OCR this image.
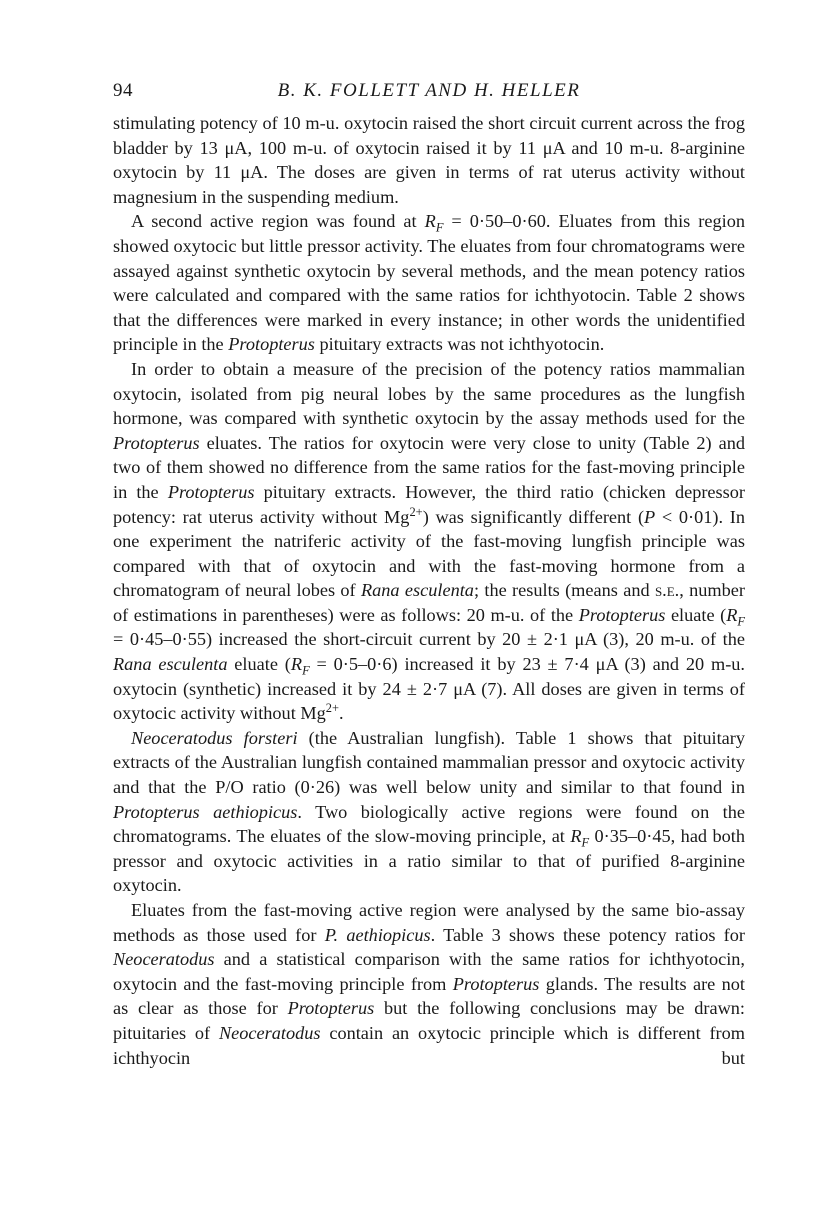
94	B. K. FOLLETT AND H. HELLER

stimulating potency of 10 m-u. oxytocin raised the short circuit current across the frog bladder by 13 μA, 100 m-u. of oxytocin raised it by 11 μA and 10 m-u. 8-arginine oxytocin by 11 μA. The doses are given in terms of rat uterus activity without magnesium in the suspending medium.

A second active region was found at $R_F = 0\cdot 50-0\cdot 60$. Eluates from this region showed oxytocic but little pressor activity. The eluates from four chromatograms were assayed against synthetic oxytocin by several methods, and the mean potency ratios were calculated and compared with the same ratios for ichthyotocin. Table 2 shows that the differences were marked in every instance; in other words the unidentified principle in the Protopterus pituitary extracts was not ichthyotocin.

In order to obtain a measure of the precision of the potency ratios mammalian oxytocin, isolated from pig neural lobes by the same procedures as the lungfish hormone, was compared with synthetic oxytocin by the assay methods used for the Protopterus eluates. The ratios for oxytocin were very close to unity (Table 2) and two of them showed no difference from the same ratios for the fast-moving principle in the Protopterus pituitary extracts. However, the third ratio (chicken depressor potency: rat uterus activity without $Mg^{2+}$) was significantly different (P < 0·01). In one experiment the natriferic activity of the fast-moving lungfish principle was compared with that of oxytocin and with the fast-moving hormone from a chromatogram of neural lobes of Rana esculenta; the results (means and s.e., number of estimations in parentheses) were as follows: 20 m-u. of the Protopterus eluate $(R_F = 0\cdot 45-0\cdot 55)$ increased the short-circuit current by 20 ± 2·1 μA (3), 20 m-u. of the Rana esculenta eluate $(R_F = 0\cdot 5-0\cdot 6)$ increased it by 23 ± 7·4 μA (3) and 20 m-u. oxytocin (synthetic) increased it by 24 ± 2·7 μA (7). All doses are given in terms of oxytocic activity without $Mg^{2+}$.

Neoceratodus forsteri (the Australian lungfish). Table 1 shows that pituitary extracts of the Australian lungfish contained mammalian pressor and oxytocic activity and that the P/O ratio (0·26) was well below unity and similar to that found in Protopterus aethiopicus. Two biologically active regions were found on the chromatograms. The eluates of the slow-moving principle, at $R_F$ 0·35–0·45, had both pressor and oxytocic activities in a ratio similar to that of purified 8-arginine oxytocin.

Eluates from the fast-moving active region were analysed by the same bio-assay methods as those used for P. aethiopicus. Table 3 shows these potency ratios for Neoceratodus and a statistical comparison with the same ratios for ichthyotocin, oxytocin and the fast-moving principle from Protopterus glands. The results are not as clear as those for Protopterus but the following conclusions may be drawn: pituitaries of Neoceratodus contain an oxytocic principle which is different from ichthyocin but
